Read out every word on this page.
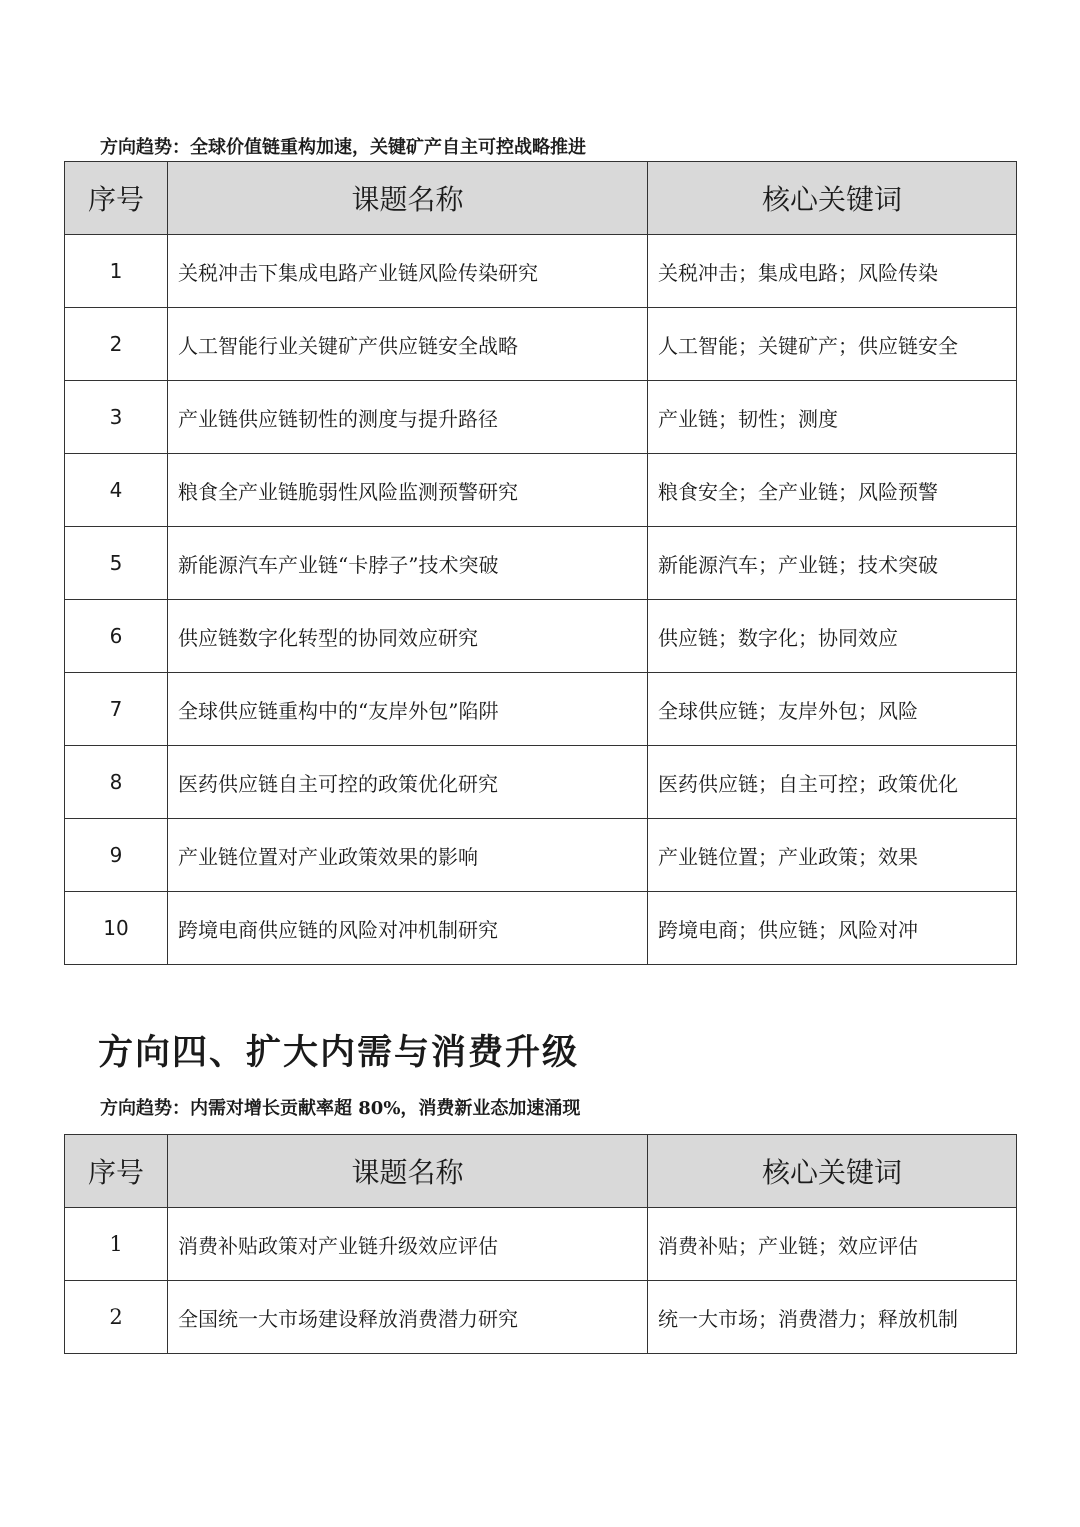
方向趋势：全球价值链重构加速，关键矿产自主可控战略推进
序号	课题名称	核心关键词
1	关税冲击下集成电路产业链风险传染研究	关税冲击；集成电路；风险传染
2	人工智能行业关键矿产供应链安全战略	人工智能；关键矿产；供应链安全
3	产业链供应链韧性的测度与提升路径	产业链；韧性；测度
4	粮食全产业链脆弱性风险监测预警研究	粮食安全；全产业链；风险预警
5	新能源汽车产业链“卡脖子”技术突破	新能源汽车；产业链；技术突破
6	供应链数字化转型的协同效应研究	供应链；数字化；协同效应
7	全球供应链重构中的“友岸外包”陷阱	全球供应链；友岸外包；风险
8	医药供应链自主可控的政策优化研究	医药供应链；自主可控；政策优化
9	产业链位置对产业政策效果的影响	产业链位置；产业政策；效果
10	跨境电商供应链的风险对冲机制研究	跨境电商；供应链；风险对冲
方向四、扩大内需与消费升级
方向趋势：内需对增长贡献率超 80%，消费新业态加速涌现
序号	课题名称	核心关键词
1	消费补贴政策对产业链升级效应评估	消费补贴；产业链；效应评估
2	全国统一大市场建设释放消费潜力研究	统一大市场；消费潜力；释放机制
